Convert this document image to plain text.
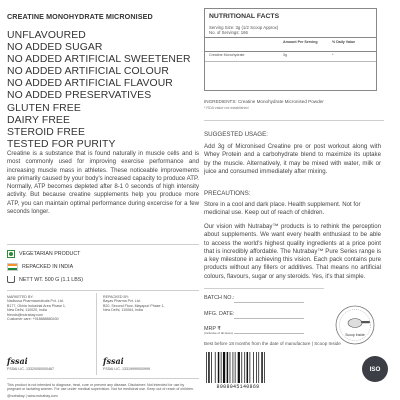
CREATINE MONOHYDRATE MICRONISED
UNFLAVOURED
NO ADDED SUGAR
NO ADDED ARTIFICIAL SWEETENER
NO ADDED ARTIFICIAL COLOUR
NO ADDED ARTIFICIAL FLAVOUR
NO ADDED PRESERVATIVES
GLUTEN FREE
DAIRY FREE
STEROID FREE
TESTED FOR PURITY
Creatine is a substance that is found naturally in muscle cells and is most commonly used for improving exercise performance and increasing muscle mass in athletes. These noticeable improvements are primarily caused by your body's increased capacity to produce ATP. Normally, ATP becomes depleted after 8-1 0 seconds of high intensity activity. But because creatine supplements help you produce more ATP, you can maintain optimal performance during excercise for a few seconds longer.
VEGETARIAN PRODUCT
REPACKED IN INDIA
NETT WT. 500 G (1.1 LBS)
MARKETED BY:
Nadivusa Pharmaceuticals Pvt. Ltd.
B177, Okhla Industrial Area Phase 1,
New Delhi, 110020, India
friends@nutrabay.com
Customer care: +918888880430
REPACKED BY:
Bayas Pharma Pvt. Ltd.
B20, Second Floor, Mayapuri Phase 1,
New Delhi, 110064, India
fssai
FSSAI LIC. 13320050000467
fssai
FSSAI LIC. 13319999000999
This product is not intended to diagnose, treat, cure or prevent any disease. Disclaimer: Not intended for use by pregnant or lactating women. For use under medical supervision. Not for medicinal use. Keep out of reach of children.
@nutrabay | www.nutrabay.com
NUTRITIONAL FACTS
Serving Size: 3g (1/2 Scoop Approx)
No. of Servings: 166
Amount Per Serving	% Daily Value
Creatine Monohydrate	3g	*
INGREDIENTS: Creatine Monohydrate Micronised Powder
* RDA value not established
SUGGESTED USAGE:
Add 3g of Micronised Creatine pre or post workout along with Whey Protein and a carbohydrate blend to maximize its uptake by the muscle. Alternatively, it may be mixed with water, milk or juice and consumed immediately after mixing.
PRECAUTIONS:
Store in a cool and dark place. Health supplement. Not for medicinal use. Keep out of reach of children.
Our vision with Nutrabay™ products is to rethink the perception about supplements. We want every health enthusiast to be able to access the world's highest quality ingredients at a price point that is incredibly affordable. The Nutrabay™ Pure Series range is a key milestone in achieving this vision. Each pack contains pure products without any fillers or additives. That means no artificial colours, flavours, sugar or any steroids. Yes, it's that simple.
BATCH NO.:
MFG. DATE:
MRP ₹
(Inclusive of all taxes)	Scoop Inside
Best before 18 months from the date of manufacture | Scoop Inside
8908045140869
ISO
